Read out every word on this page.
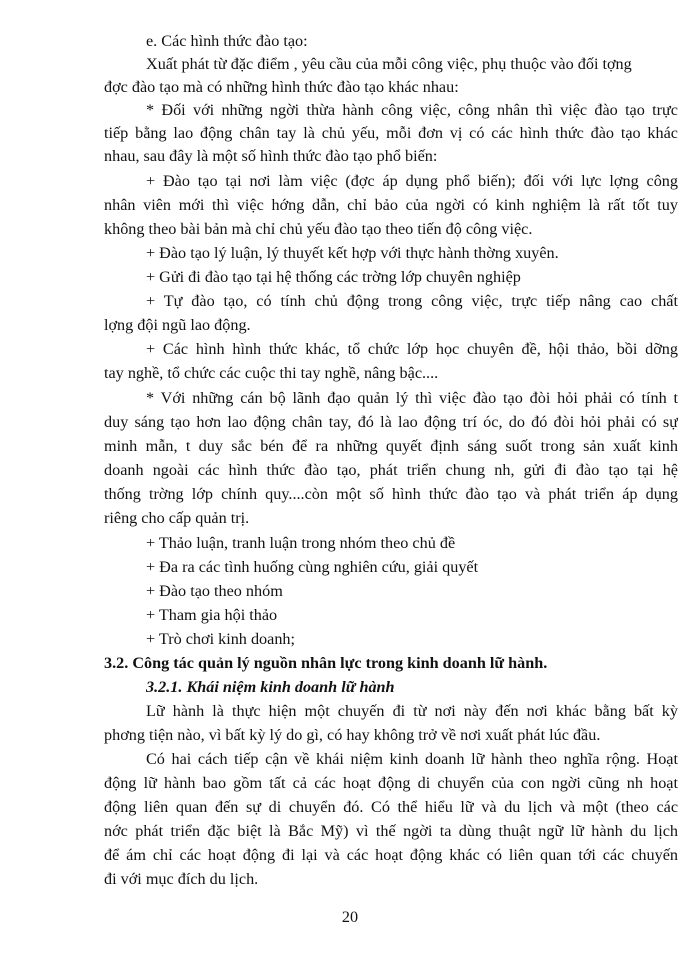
e. Các hình thức đào tạo:
Xuất phát từ đặc điểm , yêu cầu của mỗi công việc, phụ thuộc vào đối tợng
đợc đào tạo mà có những hình thức đào tạo khác nhau:
* Đối với những ngời thừa hành công việc, công nhân thì việc đào tạo trực
tiếp bằng lao động chân tay là chủ yếu, mỗi đơn vị có các hình thức đào tạo khác
nhau, sau đây là một số hình thức đào tạo phổ biến:
+ Đào tạo tại nơi làm việc (đợc áp dụng phổ biến); đối với lực lợng công
nhân viên mới thì việc hớng dẫn, chỉ bảo của ngời có kinh nghiệm là rất tốt tuy
không theo bài bản mà chỉ chủ yếu đào tạo theo tiến độ công việc.
+ Đào tạo lý luận, lý thuyết kết hợp với thực hành thờng xuyên.
+ Gửi đi đào tạo tại hệ thống các trờng lớp chuyên nghiệp
+ Tự đào tạo, có tính chủ động trong công việc, trực tiếp nâng cao chất
lợng đội ngũ lao động.
+ Các hình hình thức khác, tổ chức lớp học chuyên đề, hội thảo, bồi dỡng
tay nghề, tổ chức các cuộc thi tay nghề, nâng bậc....
* Với những cán bộ lãnh đạo quản lý thì việc đào tạo đòi hỏi phải có tính t
duy sáng tạo hơn lao động chân tay, đó là lao động trí óc, do đó đòi hỏi phải có sự
minh mẫn, t duy sắc bén để ra những quyết định sáng suốt trong sản xuất kinh
doanh ngoài các hình thức đào tạo, phát triển chung nh, gửi đi đào tạo tại hệ
thống trờng lớp chính quy....còn một số hình thức đào tạo và phát triển áp dụng
riêng cho cấp quản trị.
+ Thảo luận, tranh luận trong nhóm theo chủ đề
+ Đa ra các tình huống cùng nghiên cứu, giải quyết
+ Đào tạo theo nhóm
+ Tham gia hội thảo
+ Trò chơi kinh doanh;
3.2. Công tác quản lý nguồn nhân lực trong kinh doanh lữ hành.
3.2.1. Khái niệm kinh doanh lữ hành
Lữ hành là thực hiện một chuyến đi từ nơi này đến nơi khác bằng bất kỳ
phơng tiện nào, vì bất kỳ lý do gì, có hay không trở về nơi xuất phát lúc đầu.
Có hai cách tiếp cận về khái niệm kinh doanh lữ hành theo nghĩa rộng. Hoạt
động lữ hành bao gồm tất cả các hoạt động di chuyển của con ngời cũng nh hoạt
động liên quan đến sự di chuyển đó. Có thể hiểu lữ và du lịch và một (theo các
nớc phát triển đặc biệt là Bắc Mỹ) vì thế ngời ta dùng thuật ngữ lữ hành du lịch
để ám chỉ các hoạt động đi lại và các hoạt động khác có liên quan tới các chuyến
đi với mục đích du lịch.
20
